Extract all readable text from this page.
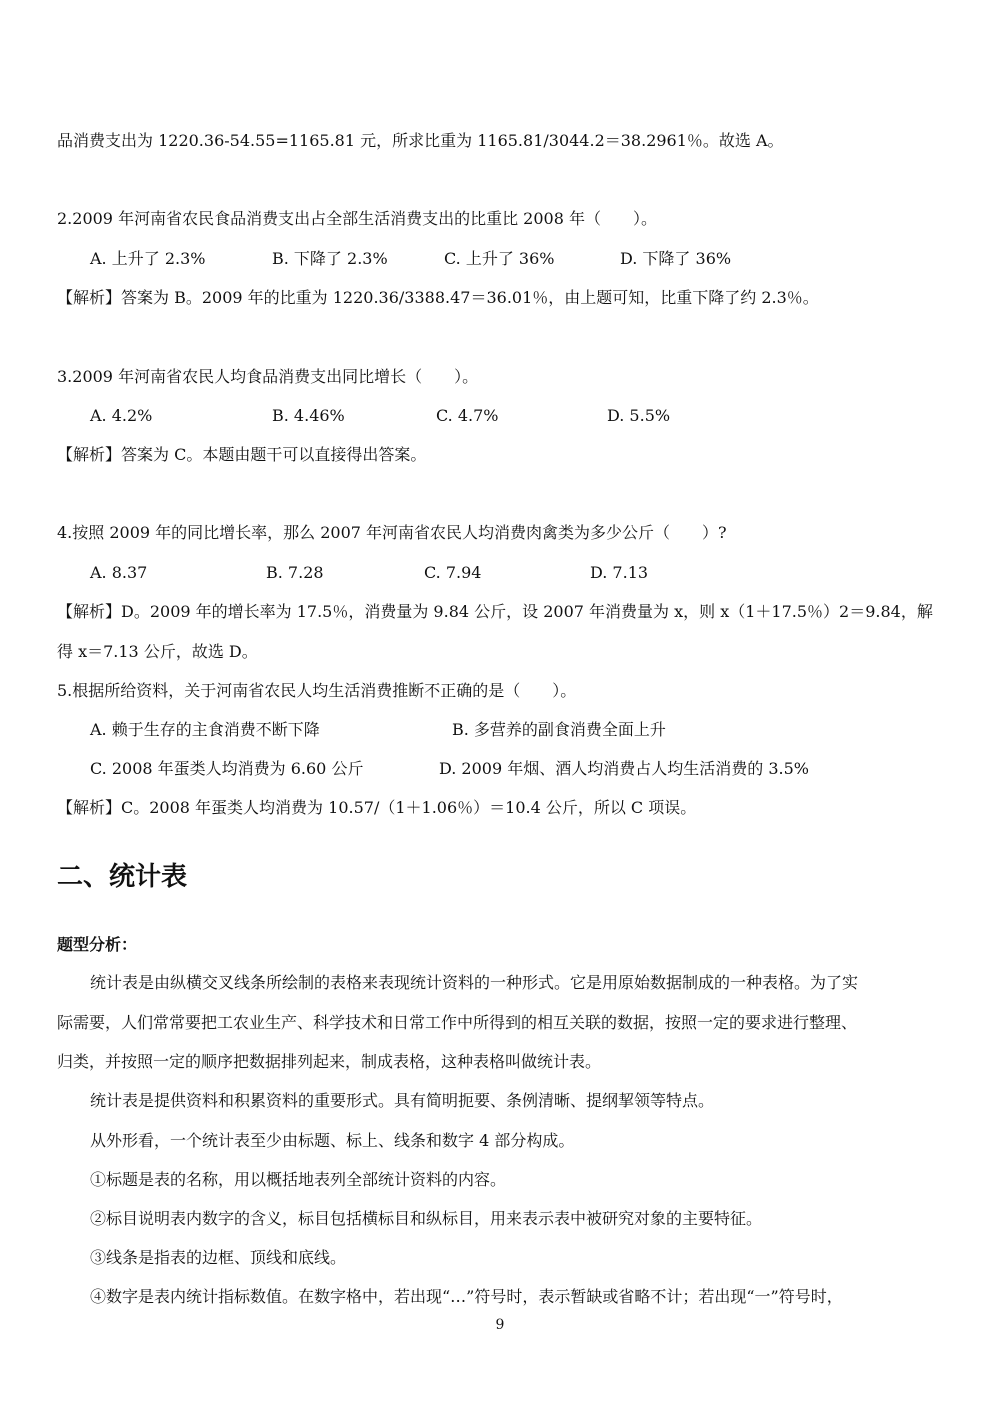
品消费支出为 1220.36-54.55=1165.81 元，所求比重为 1165.81/3044.2＝38.2961％。故选 A。
2.2009 年河南省农民食品消费支出占全部生活消费支出的比重比 2008 年（　　）。
A. 上升了 2.3%	B. 下降了 2.3%	C. 上升了 36%	D. 下降了 36%
【解析】答案为 B。2009 年的比重为 1220.36/3388.47＝36.01％，由上题可知，比重下降了约 2.3％。
3.2009 年河南省农民人均食品消费支出同比增长（　　）。
A. 4.2%	B. 4.46%	C. 4.7%	D. 5.5%
【解析】答案为 C。本题由题干可以直接得出答案。
4.按照 2009 年的同比增长率，那么 2007 年河南省农民人均消费肉禽类为多少公斤（　　）?
A. 8.37	B. 7.28	C. 7.94	D. 7.13
【解析】D。2009 年的增长率为 17.5％，消费量为 9.84 公斤，设 2007 年消费量为 x，则 x（1＋17.5％）2＝9.84，解
得 x＝7.13 公斤，故选 D。
5.根据所给资料，关于河南省农民人均生活消费推断不正确的是（　　）。
A. 赖于生存的主食消费不断下降	B. 多营养的副食消费全面上升
C. 2008 年蛋类人均消费为 6.60 公斤	D. 2009 年烟、酒人均消费占人均生活消费的 3.5%
【解析】C。2008 年蛋类人均消费为 10.57/（1＋1.06％）＝10.4 公斤，所以 C 项误。
二、统计表
题型分析：
统计表是由纵横交叉线条所绘制的表格来表现统计资料的一种形式。它是用原始数据制成的一种表格。为了实
际需要，人们常常要把工农业生产、科学技术和日常工作中所得到的相互关联的数据，按照一定的要求进行整理、
归类，并按照一定的顺序把数据排列起来，制成表格，这种表格叫做统计表。
统计表是提供资料和积累资料的重要形式。具有简明扼要、条例清晰、提纲挈领等特点。
从外形看，一个统计表至少由标题、标上、线条和数字 4 部分构成。
①标题是表的名称，用以概括地表列全部统计资料的内容。
②标目说明表内数字的含义，标目包括横标目和纵标目，用来表示表中被研究对象的主要特征。
③线条是指表的边框、顶线和底线。
④数字是表内统计指标数值。在数字格中，若出现“…”符号时，表示暂缺或省略不计；若出现“一”符号时，
9
